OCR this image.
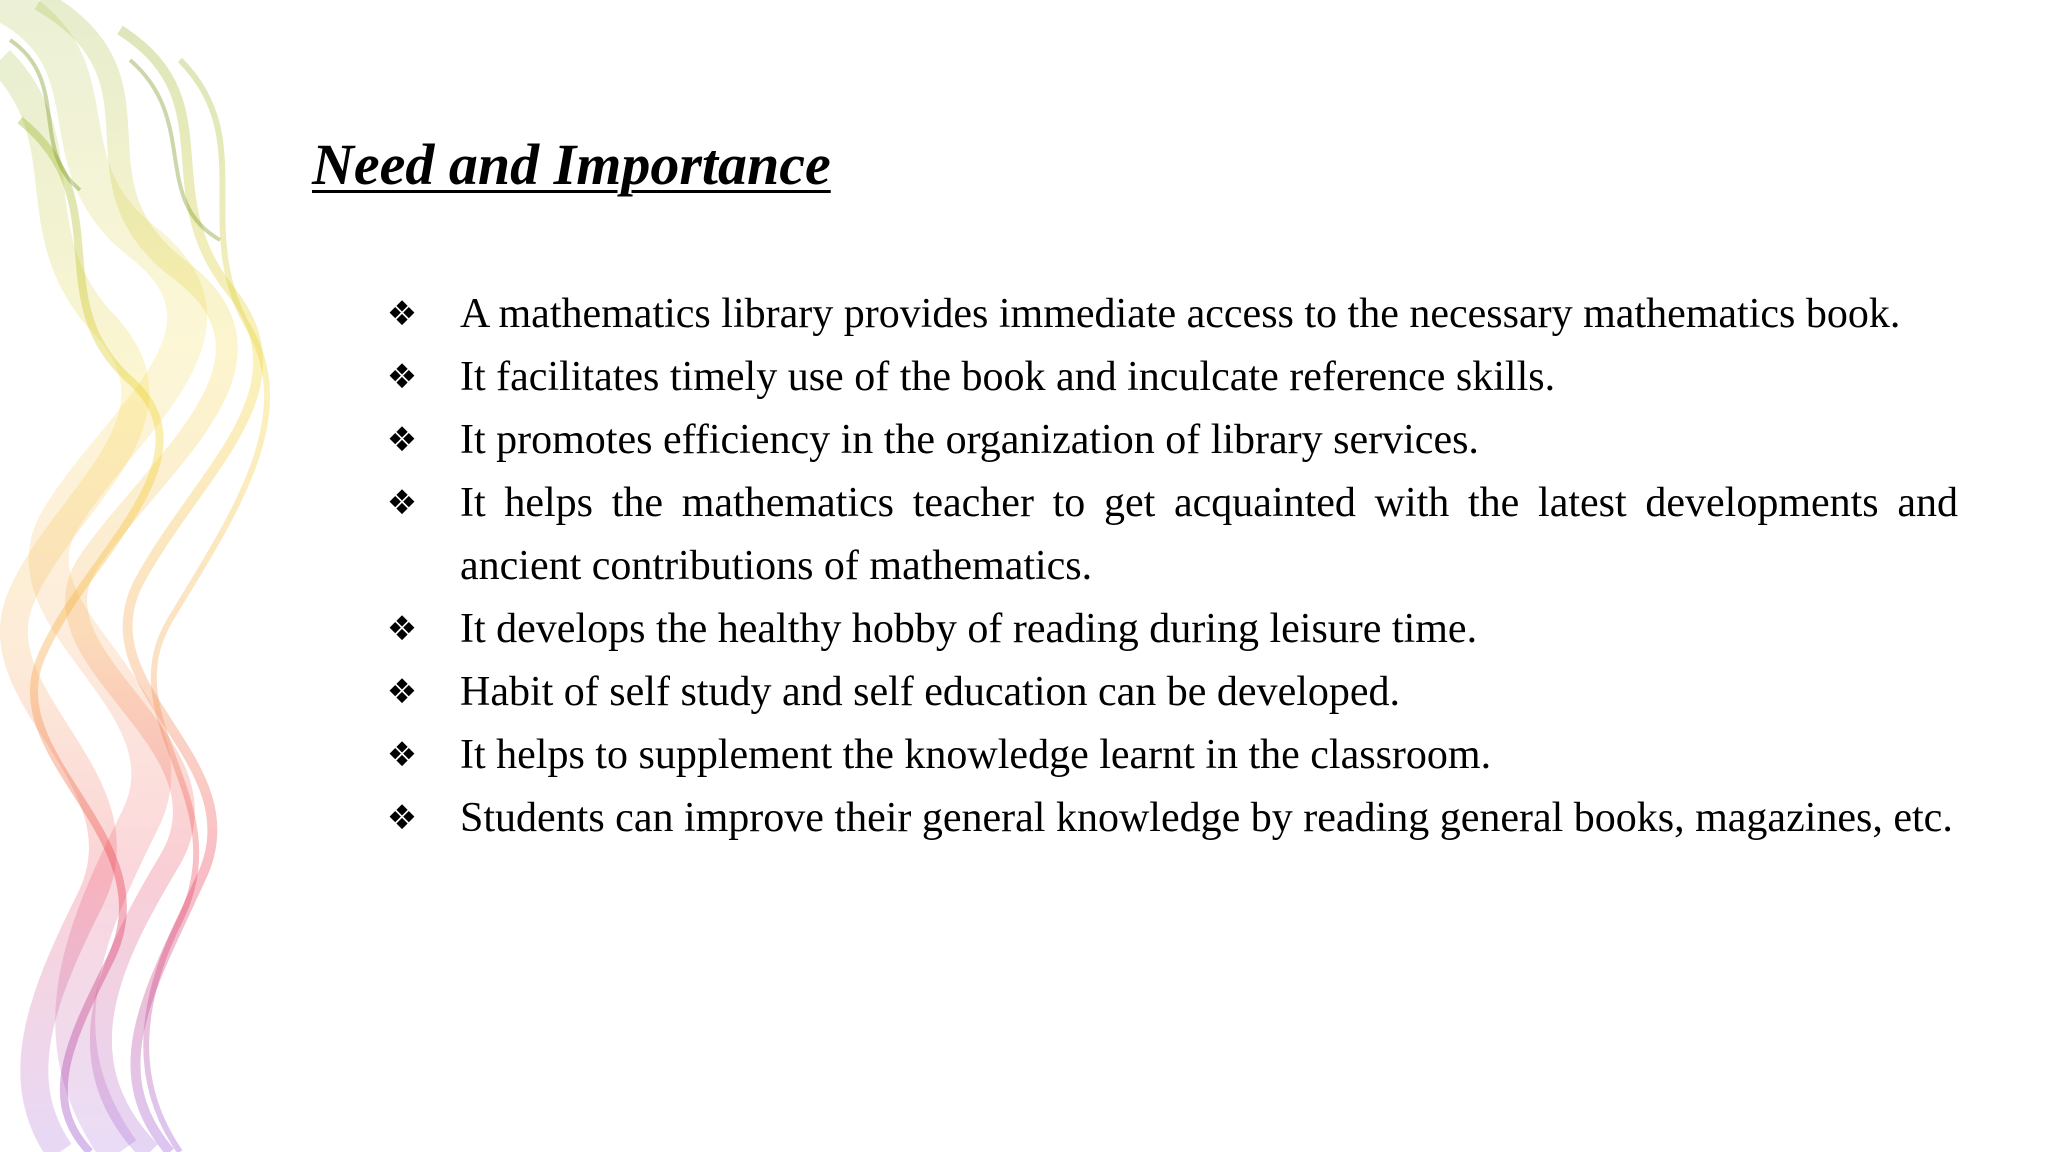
Need and Importance
❖ A mathematics library provides immediate access to the necessary mathematics book.
❖ It facilitates timely use of the book and inculcate reference skills.
❖ It promotes efficiency in the organization of library services.
❖ It helps the mathematics teacher to get acquainted with the latest developments and ancient contributions of mathematics.
❖ It develops the healthy hobby of reading during leisure time.
❖ Habit of self study and self education can be developed.
❖ It helps to supplement the knowledge learnt in the classroom.
❖ Students can improve their general knowledge by reading general books, magazines, etc.
